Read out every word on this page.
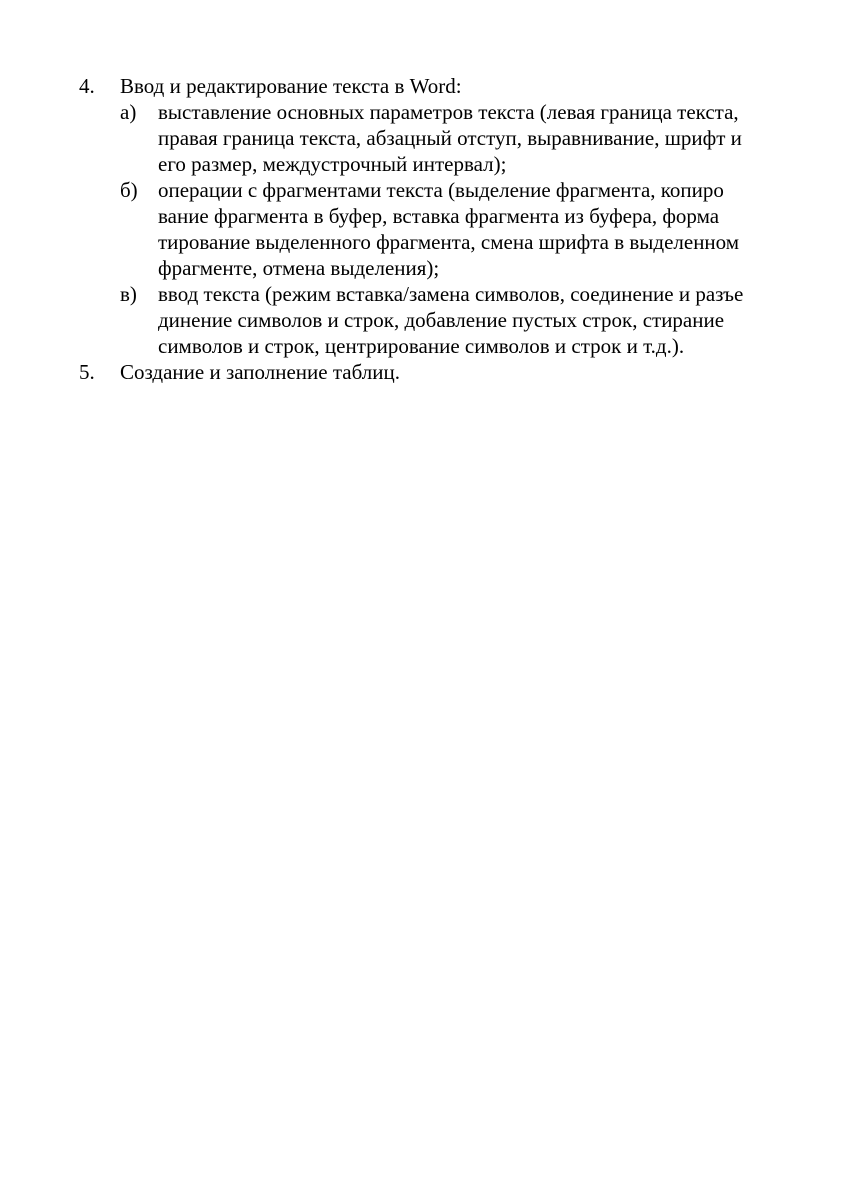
4.	Ввод и редактирование текста в Word:
а)	выставление основных параметров текста (левая граница текста,
правая граница текста, абзацный отступ, выравнивание, шрифт и
его размер, междустрочный интервал);
б) операции с фрагментами текста (выделение фрагмента, копиро
вание фрагмента в буфер, вставка фрагмента из буфера, форма
тирование выделенного фрагмента, смена шрифта в выделенном
фрагменте, отмена выделения);
в)	ввод текста (режим вставка/замена символов, соединение и разъе
динение символов и строк, добавление пустых строк, стирание
символов и строк, центрирование символов и строк и т.д.).
5.	Создание и заполнение таблиц.
